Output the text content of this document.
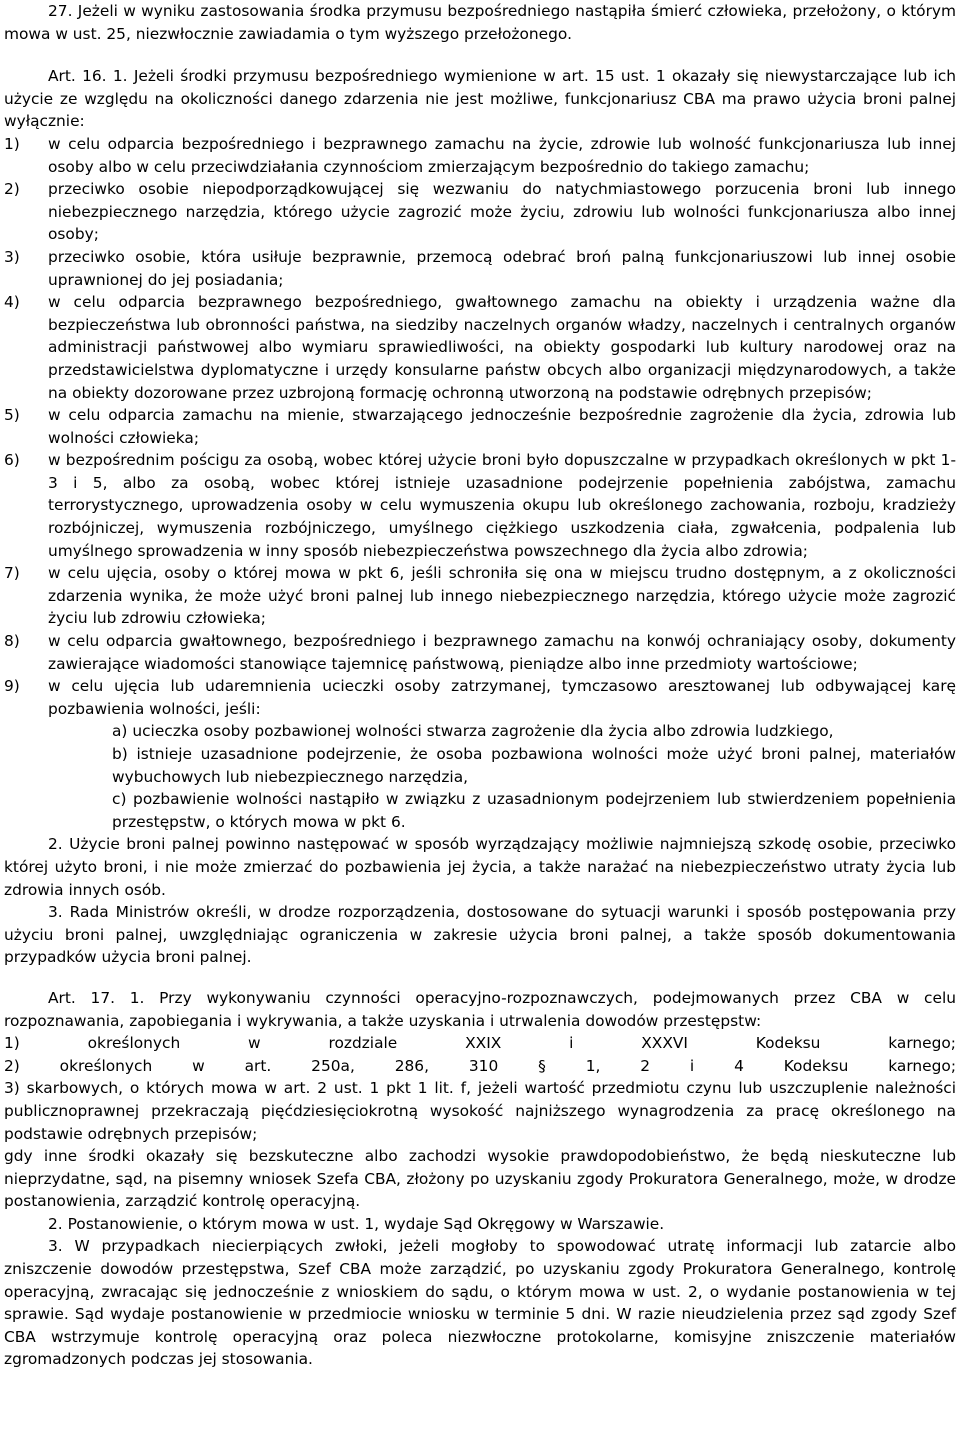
27. Jeżeli w wyniku zastosowania środka przymusu bezpośredniego nastąpiła śmierć człowieka, przełożony, o którym mowa w ust. 25, niezwłocznie zawiadamia o tym wyższego przełożonego.

Art. 16. 1. Jeżeli środki przymusu bezpośredniego wymienione w art. 15 ust. 1 okazały się niewystarczające lub ich użycie ze względu na okoliczności danego zdarzenia nie jest możliwe, funkcjonariusz CBA ma prawo użycia broni palnej wyłącznie:

1)	w celu odparcia bezpośredniego i bezprawnego zamachu na życie, zdrowie lub wolność funkcjonariusza lub innej osoby albo w celu przeciwdziałania czynnościom zmierzającym bezpośrednio do takiego zamachu;
2)	przeciwko osobie niepodporządkowującej się wezwaniu do natychmiastowego porzucenia broni lub innego niebezpiecznego narzędzia, którego użycie zagrozić może życiu, zdrowiu lub wolności funkcjonariusza albo innej osoby;
3)	przeciwko osobie, która usiłuje bezprawnie, przemocą odebrać broń palną funkcjonariuszowi lub innej osobie uprawnionej do jej posiadania;
4)	w celu odparcia bezprawnego bezpośredniego, gwałtownego zamachu na obiekty i urządzenia ważne dla bezpieczeństwa lub obronności państwa, na siedziby naczelnych organów władzy, naczelnych i centralnych organów administracji państwowej albo wymiaru sprawiedliwości, na obiekty gospodarki lub kultury narodowej oraz na przedstawicielstwa dyplomatyczne i urzędy konsularne państw obcych albo organizacji międzynarodowych, a także na obiekty dozorowane przez uzbrojoną formację ochronną utworzoną na podstawie odrębnych przepisów;
5)	w celu odparcia zamachu na mienie, stwarzającego jednocześnie bezpośrednie zagrożenie dla życia, zdrowia lub wolności człowieka;
6)	w bezpośrednim pościgu za osobą, wobec której użycie broni było dopuszczalne w przypadkach określonych w pkt 1-3 i 5, albo za osobą, wobec której istnieje uzasadnione podejrzenie popełnienia zabójstwa, zamachu terrorystycznego, uprowadzenia osoby w celu wymuszenia okupu lub określonego zachowania, rozboju, kradzieży rozbójniczej, wymuszenia rozbójniczego, umyślnego ciężkiego uszkodzenia ciała, zgwałcenia, podpalenia lub umyślnego sprowadzenia w inny sposób niebezpieczeństwa powszechnego dla życia albo zdrowia;
7)	w celu ujęcia, osoby o której mowa w pkt 6, jeśli schroniła się ona w miejscu trudno dostępnym, a z okoliczności zdarzenia wynika, że może użyć broni palnej lub innego niebezpiecznego narzędzia, którego użycie może zagrozić życiu lub zdrowiu człowieka;
8)	w celu odparcia gwałtownego, bezpośredniego i bezprawnego zamachu na konwój ochraniający osoby, dokumenty zawierające wiadomości stanowiące tajemnicę państwową, pieniądze albo inne przedmioty wartościowe;
9)	w celu ujęcia lub udaremnienia ucieczki osoby zatrzymanej, tymczasowo aresztowanej lub odbywającej karę pozbawienia wolności, jeśli:

a) ucieczka osoby pozbawionej wolności stwarza zagrożenie dla życia albo zdrowia ludzkiego,

b) istnieje uzasadnione podejrzenie, że osoba pozbawiona wolności może użyć broni palnej, materiałów wybuchowych lub niebezpiecznego narzędzia,

c) pozbawienie wolności nastąpiło w związku z uzasadnionym podejrzeniem lub stwierdzeniem popełnienia przestępstw, o których mowa w pkt 6.

2. Użycie broni palnej powinno następować w sposób wyrządzający możliwie najmniejszą szkodę osobie, przeciwko której użyto broni, i nie może zmierzać do pozbawienia jej życia, a także narażać na niebezpieczeństwo utraty życia lub zdrowia innych osób.

3. Rada Ministrów określi, w drodze rozporządzenia, dostosowane do sytuacji warunki i sposób postępowania przy użyciu broni palnej, uwzględniając ograniczenia w zakresie użycia broni palnej, a także sposób dokumentowania przypadków użycia broni palnej.

Art. 17. 1. Przy wykonywaniu czynności operacyjno-rozpoznawczych, podejmowanych przez CBA w celu rozpoznawania, zapobiegania i wykrywania, a także uzyskania i utrwalenia dowodów przestępstw:

1) określonych w rozdziale XXIX i XXXVI Kodeksu karnego;

2) określonych w art. 250a, 286, 310 § 1, 2 i 4 Kodeksu karnego;

3) skarbowych, o których mowa w art. 2 ust. 1 pkt 1 lit. f, jeżeli wartość przedmiotu czynu lub uszczuplenie należności publicznoprawnej przekraczają pięćdziesięciokrotną wysokość najniższego wynagrodzenia za pracę określonego na podstawie odrębnych przepisów;

gdy inne środki okazały się bezskuteczne albo zachodzi wysokie prawdopodobieństwo, że będą nieskuteczne lub nieprzydatne, sąd, na pisemny wniosek Szefa CBA, złożony po uzyskaniu zgody Prokuratora Generalnego, może, w drodze postanowienia, zarządzić kontrolę operacyjną.

2. Postanowienie, o którym mowa w ust. 1, wydaje Sąd Okręgowy w Warszawie.

3. W przypadkach niecierpiących zwłoki, jeżeli mogłoby to spowodować utratę informacji lub zatarcie albo zniszczenie dowodów przestępstwa, Szef CBA może zarządzić, po uzyskaniu zgody Prokuratora Generalnego, kontrolę operacyjną, zwracając się jednocześnie z wnioskiem do sądu, o którym mowa w ust. 2, o wydanie postanowienia w tej sprawie. Sąd wydaje postanowienie w przedmiocie wniosku w terminie 5 dni. W razie nieudzielenia przez sąd zgody Szef CBA wstrzymuje kontrolę operacyjną oraz poleca niezwłoczne protokolarne, komisyjne zniszczenie materiałów zgromadzonych podczas jej stosowania.
